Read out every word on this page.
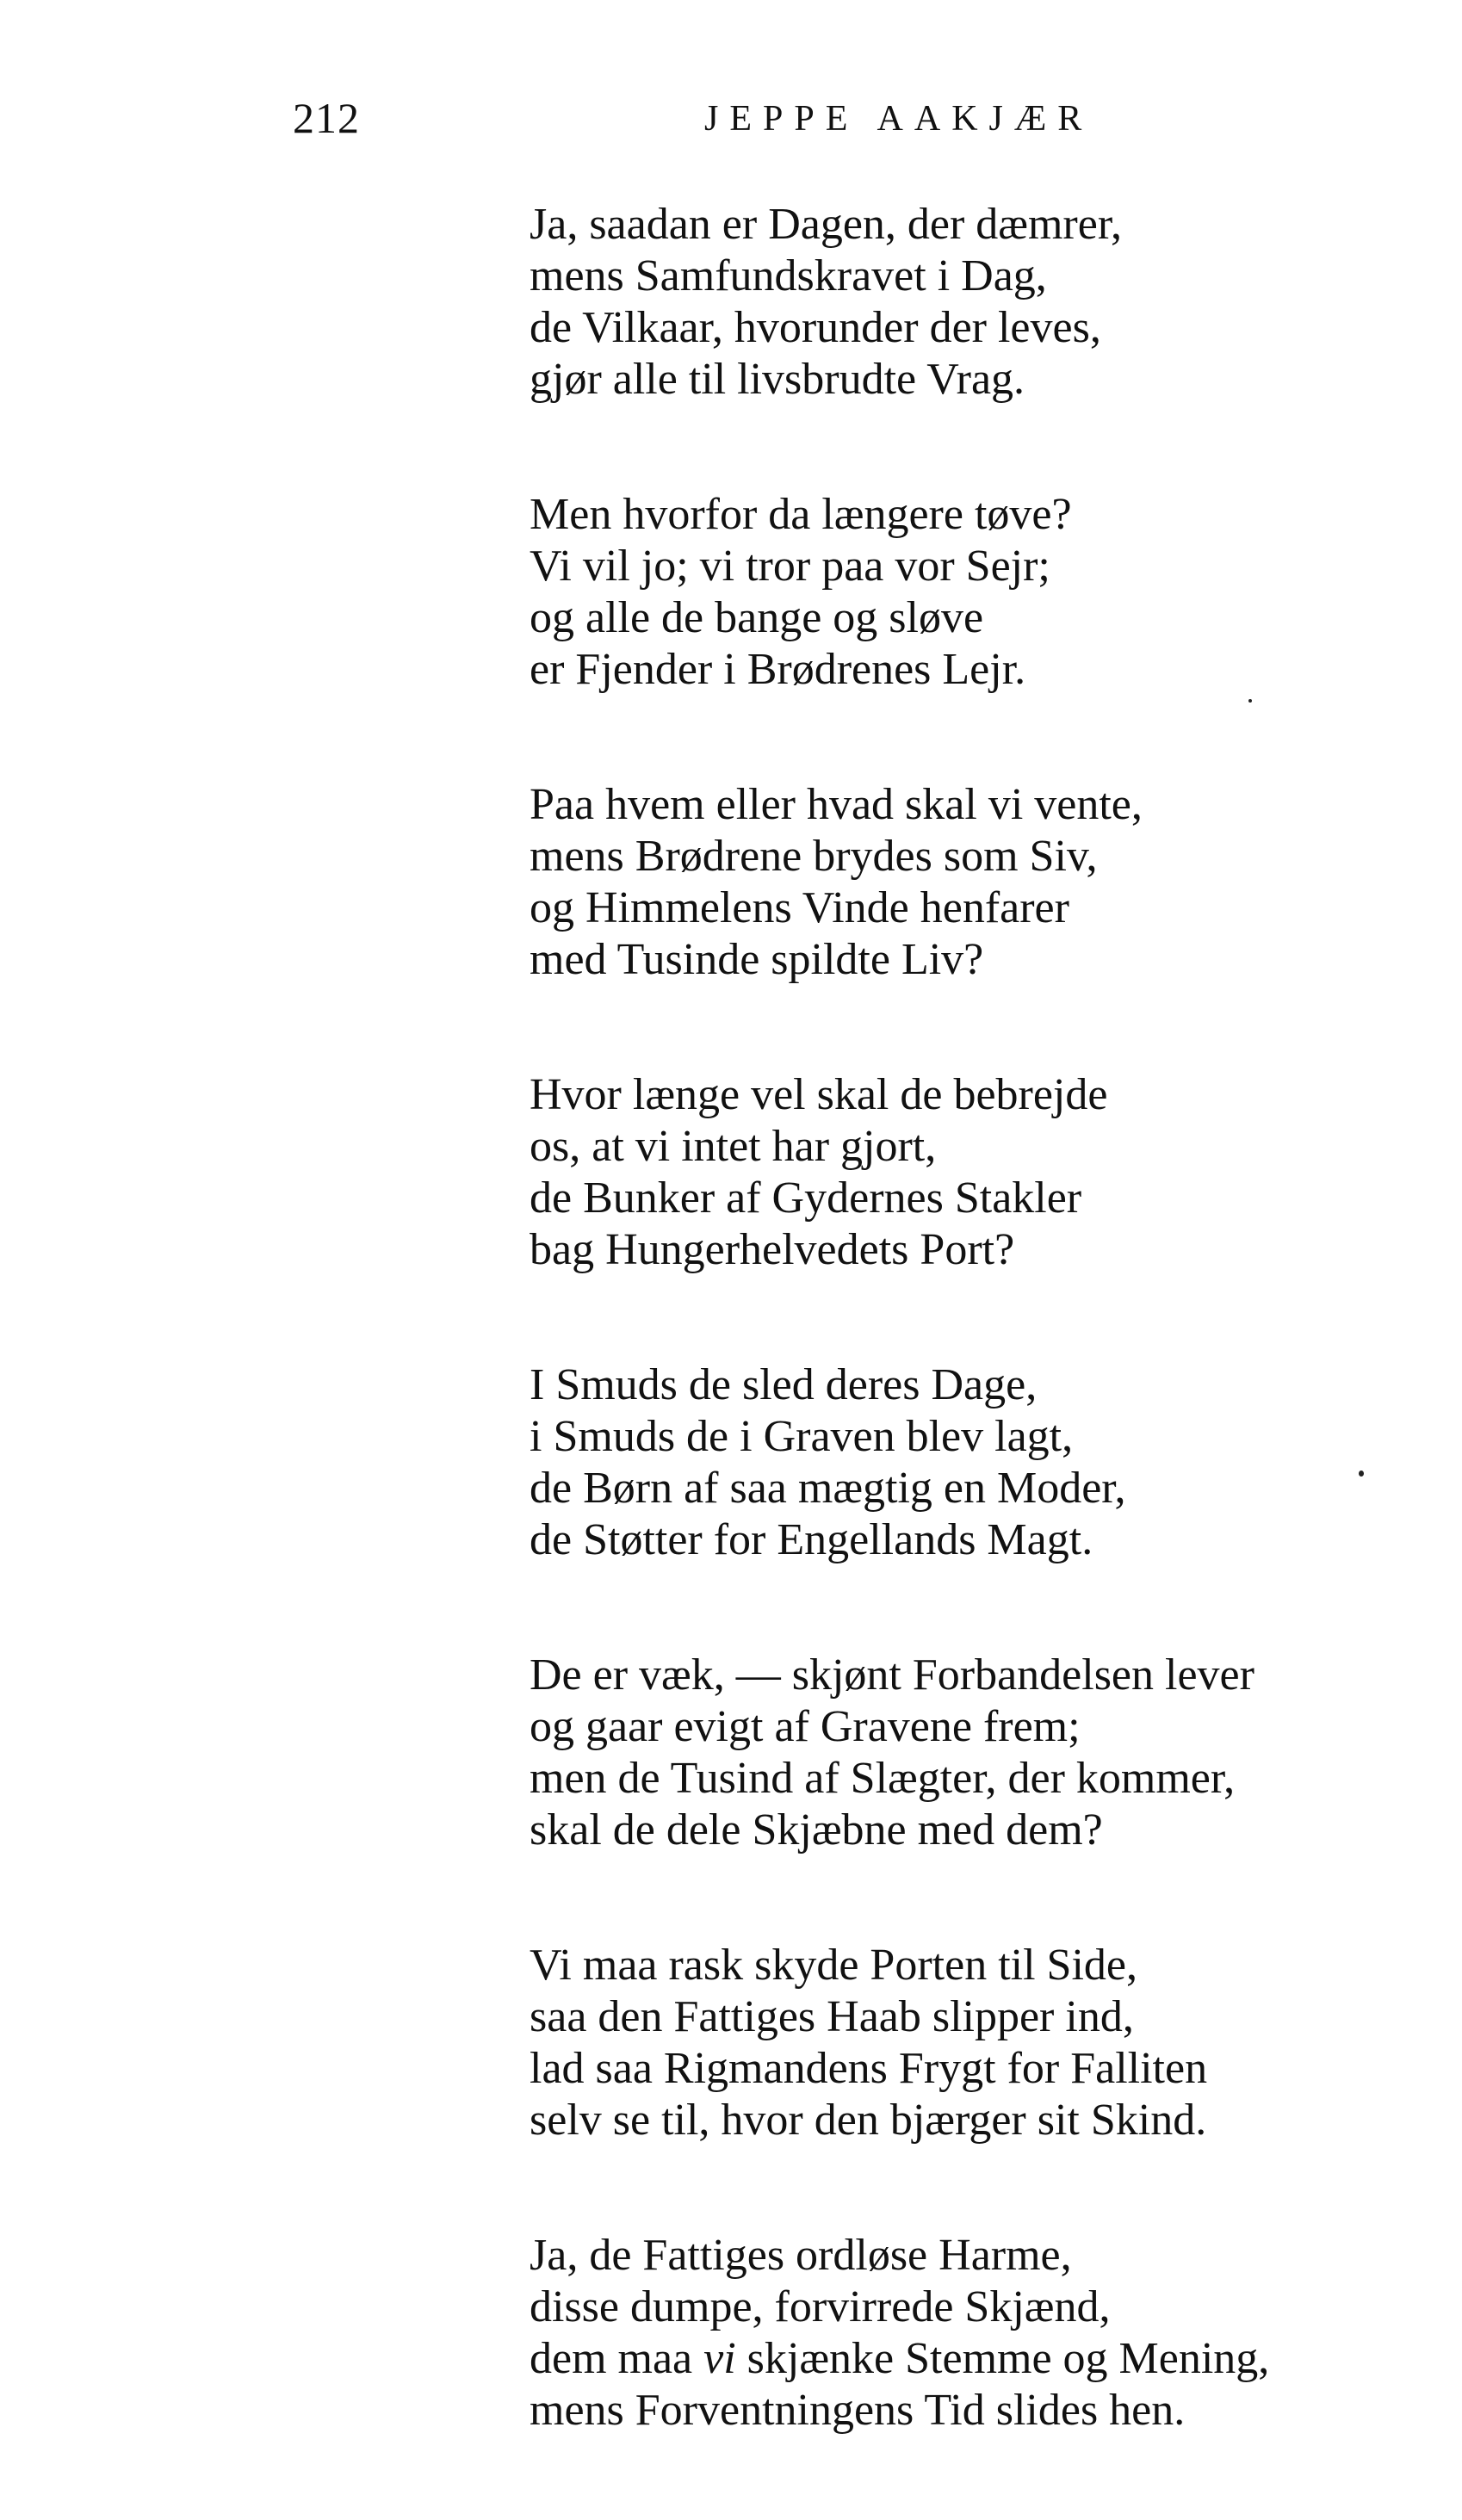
212	JEPPE AAKJÆR
Ja, saadan er Dagen, der dæmrer,
mens Samfundskravet i Dag,
de Vilkaar, hvorunder der leves,
gjør alle til livsbrudte Vrag.
Men hvorfor da længere tøve?
Vi vil jo; vi tror paa vor Sejr;
og alle de bange og sløve
er Fjender i Brødrenes Lejr.
Paa hvem eller hvad skal vi vente,
mens Brødrene brydes som Siv,
og Himmelens Vinde henfarer
med Tusinde spildte Liv?
Hvor længe vel skal de bebrejde
os, at vi intet har gjort,
de Bunker af Gydernes Stakler
bag Hungerhelvedets Port?
I Smuds de sled deres Dage,
i Smuds de i Graven blev lagt,
de Børn af saa mægtig en Moder,
de Støtter for Engellands Magt.
De er væk, — skjønt Forbandelsen lever
og gaar evigt af Gravene frem;
men de Tusind af Slægter, der kommer,
skal de dele Skjæbne med dem?
Vi maa rask skyde Porten til Side,
saa den Fattiges Haab slipper ind,
lad saa Rigmandens Frygt for Falliten
selv se til, hvor den bjærger sit Skind.
Ja, de Fattiges ordløse Harme,
disse dumpe, forvirrede Skjænd,
dem maa vi skjænke Stemme og Mening,
mens Forventningens Tid slides hen.
